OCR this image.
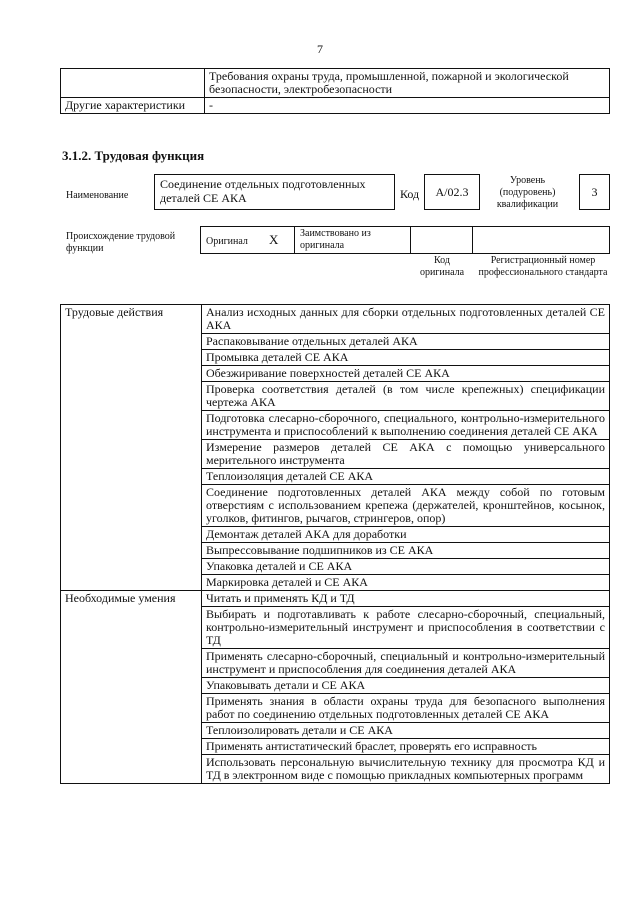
7
	Требования охраны труда, промышленной, пожарной и экологической безопасности, электробезопасности
Другие характеристики	-
3.1.2. Трудовая функция
Наименование
Соединение отдельных подготовленных деталей СЕ АКА	Код	А/02.3
Уровень (подуровень) квалификации
3
Происхождение трудовой функции
Оригинал X Заимствовано из оригинала
Код оригинала
Регистрационный номер профессионального стандарта
Трудовые действия	Анализ исходных данных для сборки отдельных подготовленных деталей СЕ АКА
	Распаковывание отдельных деталей АКА
	Промывка деталей СЕ АКА
	Обезжиривание поверхностей деталей СЕ АКА
	Проверка соответствия деталей (в том числе крепежных) спецификации чертежа АКА
	Подготовка слесарно-сборочного, специального, контрольно-измерительного инструмента и приспособлений к выполнению соединения деталей СЕ АКА
	Измерение размеров деталей СЕ АКА с помощью универсального мерительного инструмента
	Теплоизоляция деталей СЕ АКА
	Соединение подготовленных деталей АКА между собой по готовым отверстиям с использованием крепежа (держателей, кронштейнов, косынок, уголков, фитингов, рычагов, стрингеров, опор)
	Демонтаж деталей АКА для доработки
	Выпрессовывание подшипников из СЕ АКА
	Упаковка деталей и СЕ АКА
	Маркировка деталей и СЕ АКА
Необходимые умения	Читать и применять КД и ТД
	Выбирать и подготавливать к работе слесарно-сборочный, специальный, контрольно-измерительный инструмент и приспособления в соответствии с ТД
	Применять слесарно-сборочный, специальный и контрольно-измерительный инструмент и приспособления для соединения деталей АКА
	Упаковывать детали и СЕ АКА
	Применять знания в области охраны труда для безопасного выполнения работ по соединению отдельных подготовленных деталей СЕ АКА
	Теплоизолировать детали и СЕ АКА
	Применять антистатический браслет, проверять его исправность
	Использовать персональную вычислительную технику для просмотра КД и ТД в электронном виде с помощью прикладных компьютерных программ
